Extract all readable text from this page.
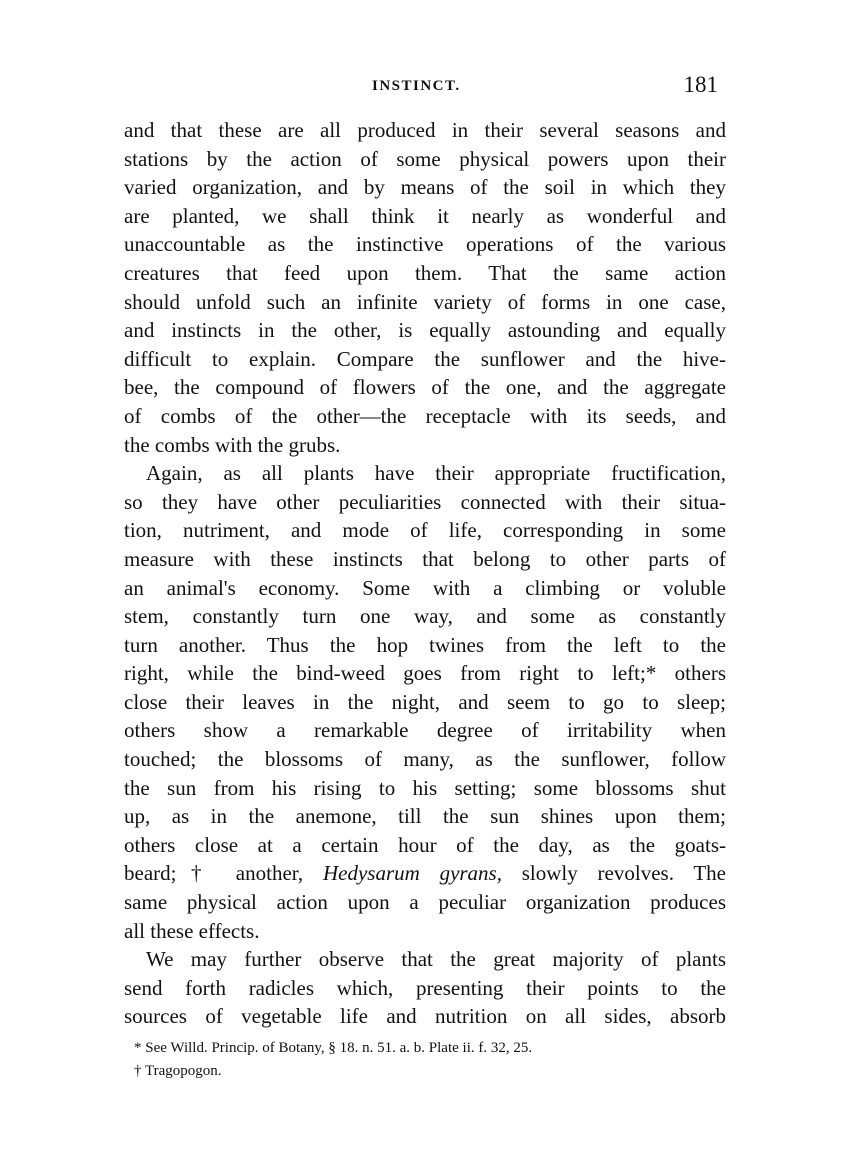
INSTINCT.	181

and that these are all produced in their several seasons and
stations by the action of some physical powers upon their
varied organization, and by means of the soil in which they
are planted, we shall think it nearly as wonderful and
unaccountable as the instinctive operations of the various
creatures that feed upon them. That the same action
should unfold such an infinite variety of forms in one case,
and instincts in the other, is equally astounding and equally
difficult to explain. Compare the sunflower and the hive-
bee, the compound of flowers of the one, and the aggregate
of combs of the other—the receptacle with its seeds, and
the combs with the grubs.

Again, as all plants have their appropriate fructification,
so they have other peculiarities connected with their situa-
tion, nutriment, and mode of life, corresponding in some
measure with these instincts that belong to other parts of
an animal's economy. Some with a climbing or voluble
stem, constantly turn one way, and some as constantly
turn another. Thus the hop twines from the left to the
right, while the bind-weed goes from right to left;* others
close their leaves in the night, and seem to go to sleep;
others show a remarkable degree of irritability when
touched; the blossoms of many, as the sunflower, follow
the sun from his rising to his setting; some blossoms shut
up, as in the anemone, till the sun shines upon them;
others close at a certain hour of the day, as the goats-
beard;† another, Hedysarum gyrans, slowly revolves. The
same physical action upon a peculiar organization produces
all these effects.

We may further observe that the great majority of plants
send forth radicles which, presenting their points to the
sources of vegetable life and nutrition on all sides, absorb

* See Willd. Princip. of Botany, § 18. n. 51. a. b. Plate ii. f. 32, 25.
† Tragopogon.
